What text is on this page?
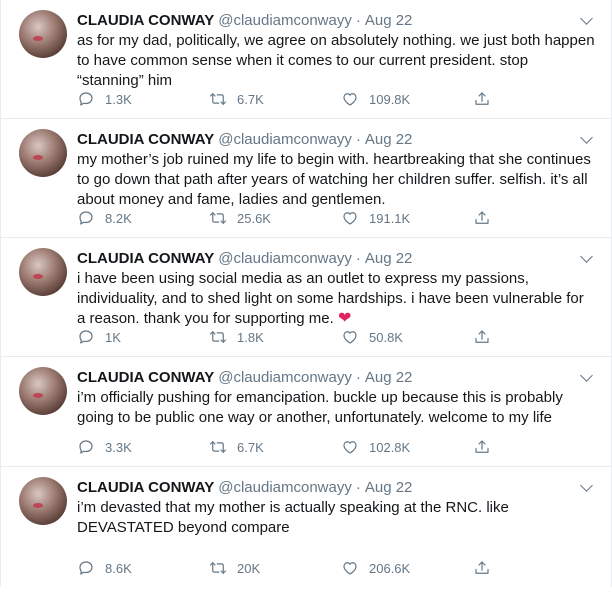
CLAUDIA CONWAY @claudiamconwayy · Aug 22
as for my dad, politically, we agree on absolutely nothing. we just both happen to have common sense when it comes to our current president. stop “stanning” him
1.3K	6.7K	109.8K
CLAUDIA CONWAY @claudiamconwayy · Aug 22
my mother’s job ruined my life to begin with. heartbreaking that she continues to go down that path after years of watching her children suffer. selfish. it’s all about money and fame, ladies and gentlemen.
8.2K	25.6K	191.1K
CLAUDIA CONWAY @claudiamconwayy · Aug 22
i have been using social media as an outlet to express my passions, individuality, and to shed light on some hardships. i have been vulnerable for a reason. thank you for supporting me. ❤
1K	1.8K	50.8K
CLAUDIA CONWAY @claudiamconwayy · Aug 22
i’m officially pushing for emancipation. buckle up because this is probably going to be public one way or another, unfortunately. welcome to my life
3.3K	6.7K	102.8K
CLAUDIA CONWAY @claudiamconwayy · Aug 22
i’m devasted that my mother is actually speaking at the RNC. like DEVASTATED beyond compare
8.6K	20K	206.6K
